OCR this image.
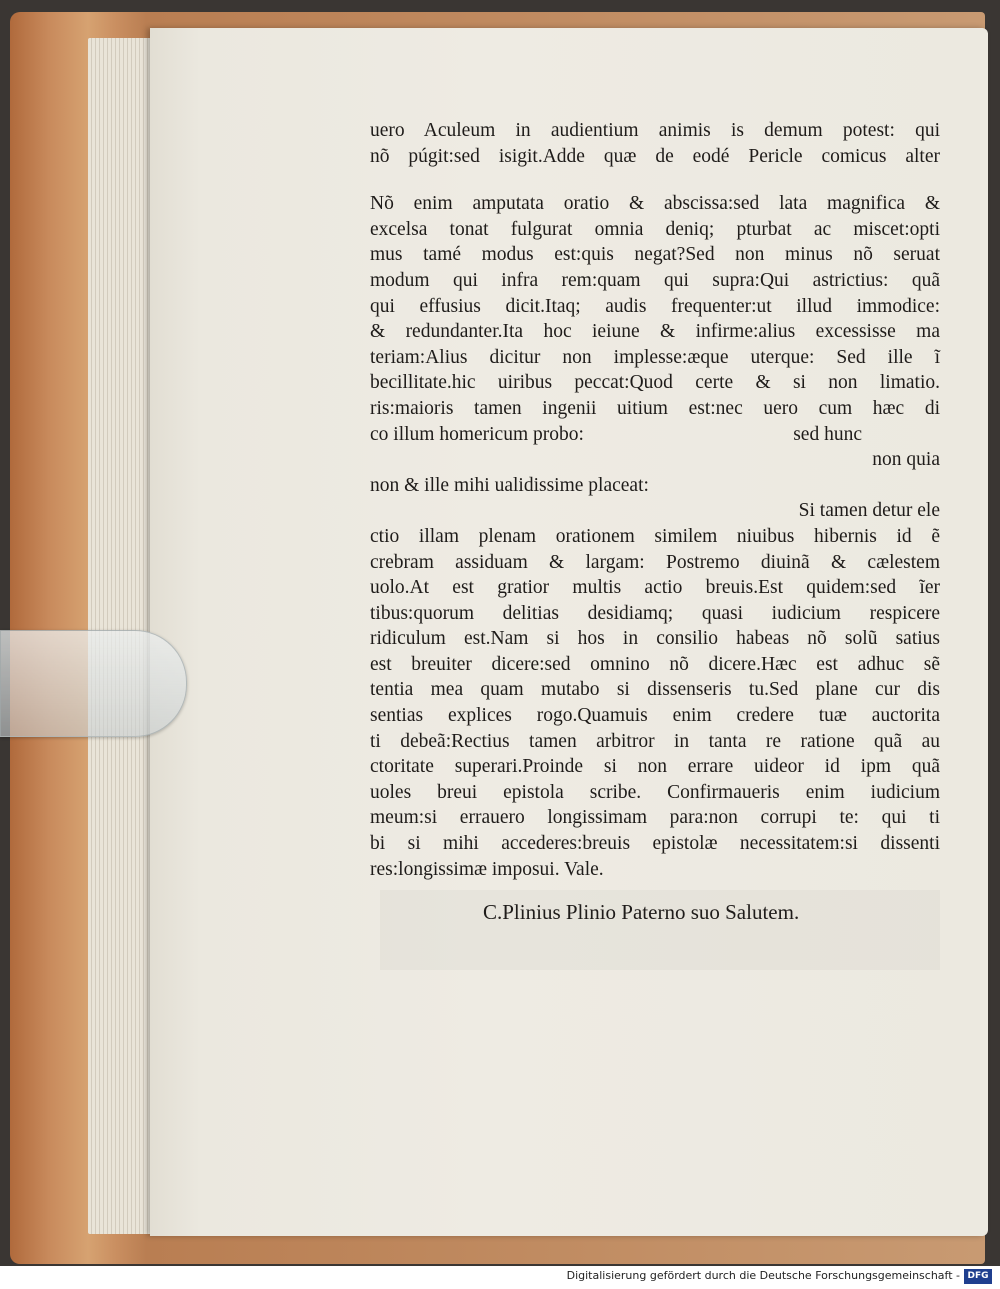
uero Aculeum in audientium animis is demum potest: qui
nõ púgit:sed isigit.Adde quæ de eodé Pericle comicus alter
Nõ enim amputata oratio & abscissa:sed lata magnifica &
excelsa tonat fulgurat omnia deniq; pturbat ac miscet:opti
mus tamé modus est:quis negat?Sed non minus nõ seruat
modum qui infra rem:quam qui supra:Qui astrictius: quã
qui effusius dicit.Itaq; audis frequenter:ut illud immodice:
& redundanter.Ita hoc ieiune & infirme:alius excessisse ma
teriam:Alius dicitur non implesse:æque uterque: Sed ille ĩ
becillitate.hic uiribus peccat:Quod certe & si non limatio.
ris:maioris tamen ingenii uitium est:nec uero cum hæc di
co illum homericum probo:	sed hunc
non quia
non & ille mihi ualidissime placeat:
Si tamen detur ele
ctio illam plenam orationem similem niuibus hibernis id ẽ
crebram assiduam & largam: Postremo diuinã & cælestem
uolo.At est gratior multis actio breuis.Est quidem:sed ĩer
tibus:quorum delitias desidiamq; quasi iudicium respicere
ridiculum est.Nam si hos in consilio habeas nõ solũ satius
est breuiter dicere:sed omnino nõ dicere.Hæc est adhuc sẽ
tentia mea quam mutabo si dissenseris tu.Sed plane cur dis
sentias explices rogo.Quamuis enim credere tuæ auctorita
ti debeã:Rectius tamen arbitror in tanta re ratione quã au
ctoritate superari.Proinde si non errare uideor id ipm quã
uoles breui epistola scribe. Confirmaueris enim iudicium
meum:si errauero longissimam para:non corrupi te: qui ti
bi si mihi accederes:breuis epistolæ necessitatem:si dissenti
res:longissimæ imposui. Vale.
C.Plinius Plinio Paterno suo Salutem.
Digitalisierung gefördert durch die Deutsche Forschungsgemeinschaft - DFG
